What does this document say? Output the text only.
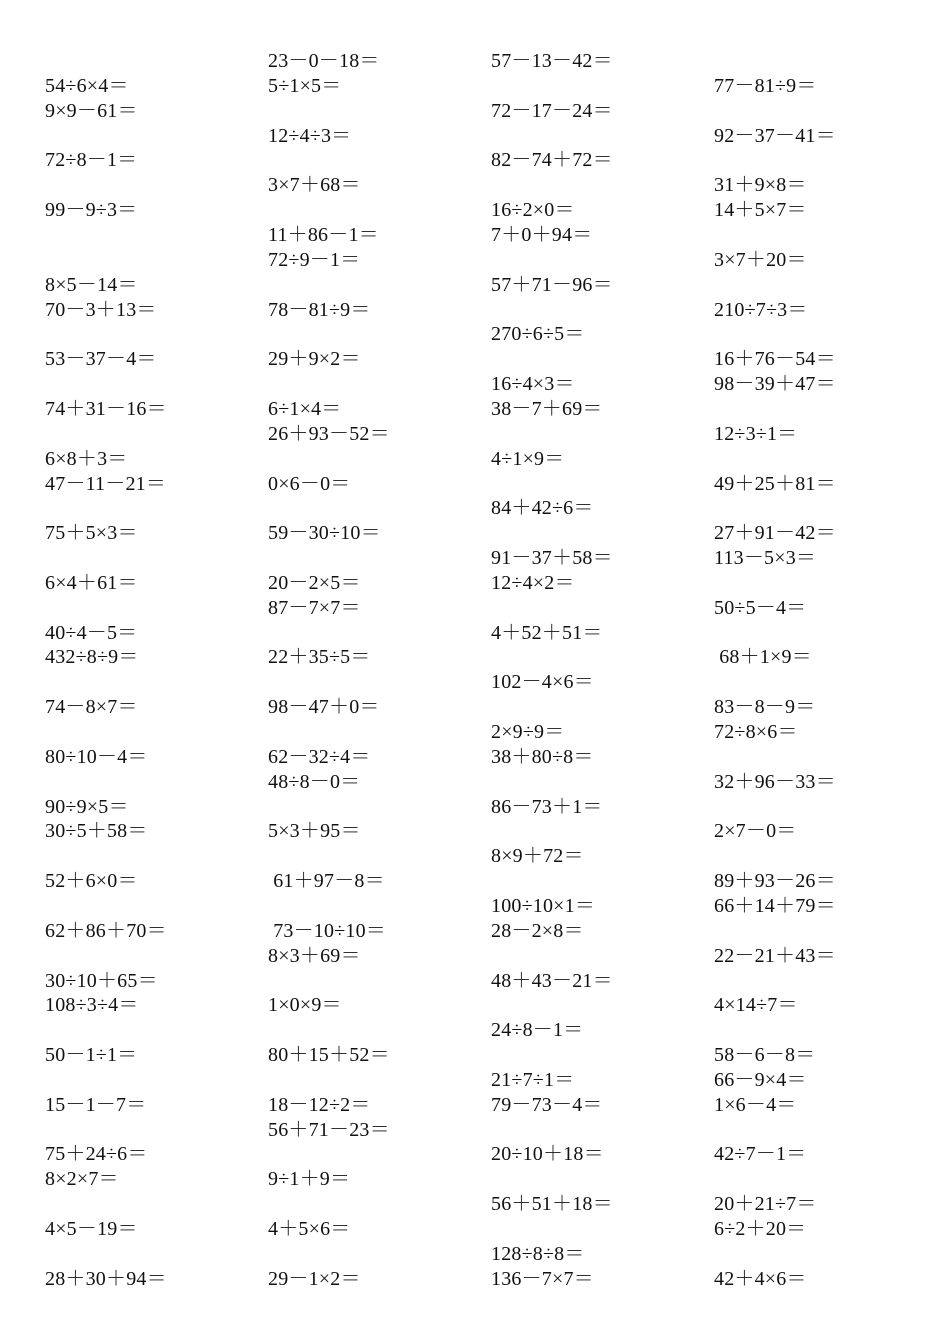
54÷6×4＝
9×9－61＝
72÷8－1＝
99－9÷3＝
8×5－14＝
70－3＋13＝
53－37－4＝
74＋31－16＝
6×8＋3＝
47－11－21＝
75＋5×3＝
6×4＋61＝
40÷4－5＝
432÷8÷9＝
74－8×7＝
80÷10－4＝
90÷9×5＝
30÷5＋58＝
52＋6×0＝
62＋86＋70＝
30÷10＋65＝
108÷3÷4＝
50－1÷1＝
15－1－7＝
75＋24÷6＝
8×2×7＝
4×5－19＝
28＋30＋94＝
23－0－18＝
5÷1×5＝
12÷4÷3＝
3×7＋68＝
11＋86－1＝
72÷9－1＝
78－81÷9＝
29＋9×2＝
6÷1×4＝
26＋93－52＝
0×6－0＝
59－30÷10＝
20－2×5＝
87－7×7＝
22＋35÷5＝
98－47＋0＝
62－32÷4＝
48÷8－0＝
5×3＋95＝
61＋97－8＝
73－10÷10＝
8×3＋69＝
1×0×9＝
80＋15＋52＝
18－12÷2＝
56＋71－23＝
9÷1＋9＝
4＋5×6＝
29－1×2＝
57－13－42＝
72－17－24＝
82－74＋72＝
16÷2×0＝
7＋0＋94＝
57＋71－96＝
270÷6÷5＝
16÷4×3＝
38－7＋69＝
4÷1×9＝
84＋42÷6＝
91－37＋58＝
12÷4×2＝
4＋52＋51＝
102－4×6＝
2×9÷9＝
38＋80÷8＝
86－73＋1＝
8×9＋72＝
100÷10×1＝
28－2×8＝
48＋43－21＝
24÷8－1＝
21÷7÷1＝
79－73－4＝
20÷10＋18＝
56＋51＋18＝
128÷8÷8＝
136－7×7＝
77－81÷9＝
92－37－41＝
31＋9×8＝
14＋5×7＝
3×7＋20＝
210÷7÷3＝
16＋76－54＝
98－39＋47＝
12÷3÷1＝
49＋25＋81＝
27＋91－42＝
113－5×3＝
50÷5－4＝
68＋1×9＝
83－8－9＝
72÷8×6＝
32＋96－33＝
2×7－0＝
89＋93－26＝
66＋14＋79＝
22－21＋43＝
4×14÷7＝
58－6－8＝
66－9×4＝
1×6－4＝
42÷7－1＝
20＋21÷7＝
6÷2＋20＝
42＋4×6＝
